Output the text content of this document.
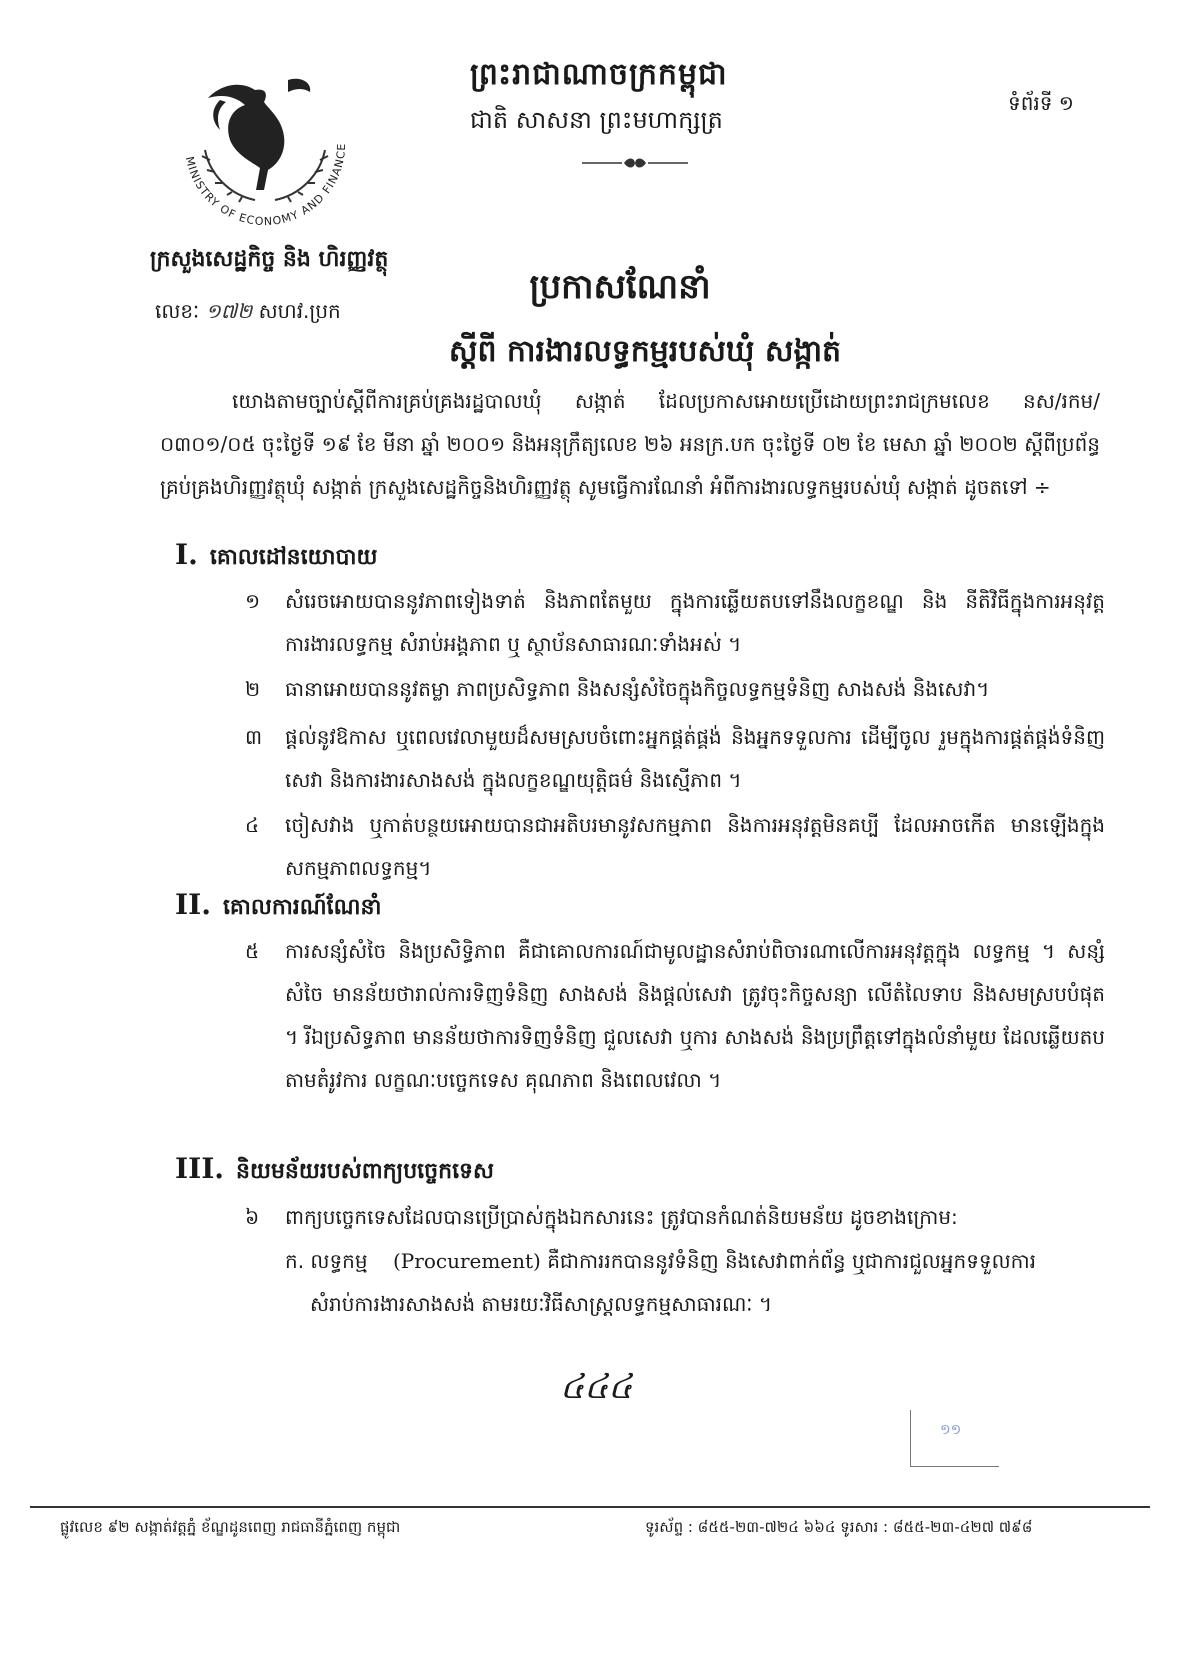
MINISTRY OF ECONOMY AND FINANCE
ព្រះរាជាណាចក្រកម្ពុជា
ជាតិ សាសនា ព្រះមហាក្សត្រ
ទំព័រទី ១
ក្រសួងសេដ្ឋកិច្ច និង ហិរញ្ញវត្ថុ
លេខៈ ១៧២ សហវ.ប្រក
ប្រកាសណែនាំ
ស្តីពី ការងារលទ្ធកម្មរបស់ឃុំ សង្កាត់
យោងតាមច្បាប់ស្តីពីការគ្រប់គ្រងរដ្ឋបាលឃុំ សង្កាត់ ដែលប្រកាសអោយប្រើដោយព្រះរាជក្រមលេខ នស/រកម/០៣០១/០៥ ចុះថ្ងៃទី ១៩ ខែ មីនា ឆ្នាំ ២០០១ និងអនុក្រឹត្យលេខ ២៦ អនក្រ.បក ចុះថ្ងៃទី ០២ ខែ មេសា ឆ្នាំ ២០០២ ស្តីពីប្រព័ន្ធគ្រប់គ្រងហិរញ្ញវត្ថុឃុំ សង្កាត់ ក្រសួងសេដ្ឋកិច្ចនិងហិរញ្ញវត្ថុ សូមធ្វើការណែនាំ អំពីការងារលទ្ធកម្មរបស់ឃុំ សង្កាត់ ដូចតទៅ ÷
I. គោលដៅនយោបាយ
១	សំរេចអោយបាននូវភាពទៀងទាត់ និងភាពតែមួយ ក្នុងការឆ្លើយតបទៅនឹងលក្ខខណ្ឌ និង នីតិវិធីក្នុងការអនុវត្តការងារលទ្ធកម្ម សំរាប់អង្គភាព ឬ ស្ថាប័នសាធារណៈទាំងអស់ ។
២	ធានាអោយបាននូវតម្លា ភាពប្រសិទ្ធភាព និងសន្សំសំចៃក្នុងកិច្ចលទ្ធកម្មទំនិញ សាងសង់ និងសេវា។
៣	ផ្តល់នូវឱកាស ឬពេលវេលាមួយដ៏សមស្របចំពោះអ្នកផ្គត់ផ្គង់ និងអ្នកទទួលការ ដើម្បីចូល រួមក្នុងការផ្គត់ផ្គង់ទំនិញ សេវា និងការងារសាងសង់ ក្នុងលក្ខខណ្ឌយុត្តិធម៌ និងស្មើភាព ។
៤	ចៀសវាង ឬកាត់បន្ថយអោយបានជាអតិបរមានូវសកម្មភាព និងការអនុវត្តមិនគប្បី ដែលអាចកើត មានឡើងក្នុងសកម្មភាពលទ្ធកម្ម។
II. គោលការណ៍ណែនាំ
៥	ការសន្សំសំចៃ និងប្រសិទ្ធិភាព គឺជាគោលការណ៍ជាមូលដ្ឋានសំរាប់ពិចារណាលើការអនុវត្តក្នុង លទ្ធកម្ម ។ សន្សំសំចៃ មានន័យថារាល់ការទិញទំនិញ សាងសង់ និងផ្តល់សេវា ត្រូវចុះកិច្ចសន្យា លើតំលៃទាប និងសមស្របបំផុត ។ រីឯប្រសិទ្ធភាព មានន័យថាការទិញទំនិញ ជួលសេវា ឬការ សាងសង់ និងប្រព្រឹត្តទៅក្នុងលំនាំមួយ ដែលឆ្លើយតបតាមតំរូវការ លក្ខណៈបច្ចេកទេស គុណភាព និងពេលវេលា ។
III. និយមន័យរបស់ពាក្យបច្ចេកទេស
៦	ពាក្យបច្ចេកទេសដែលបានប្រើប្រាស់ក្នុងឯកសារនេះ ត្រូវបានកំណត់និយមន័យ ដូចខាងក្រោម:
ក. លទ្ធកម្ម (Procurement) គឺជាការរកបាននូវទំនិញ និងសេវាពាក់ព័ន្ធ ឬជាការជួលអ្នកទទួលការ
សំរាប់ការងារសាងសង់ តាមរយៈវិធីសាស្ត្រលទ្ធកម្មសាធារណៈ ។
៤៤៤
១១
ផ្លូវលេខ ៩២ សង្កាត់វត្តភ្នំ ខ័ណ្ឌដូនពេញ រាជធានីភ្នំពេញ កម្ពុជា	ទូរស័ព្ទ : ៨៥៥-២៣-៧២៤ ៦៦៤ ទូរសារ : ៨៥៥-២៣-៤២៧ ៧៩៨
